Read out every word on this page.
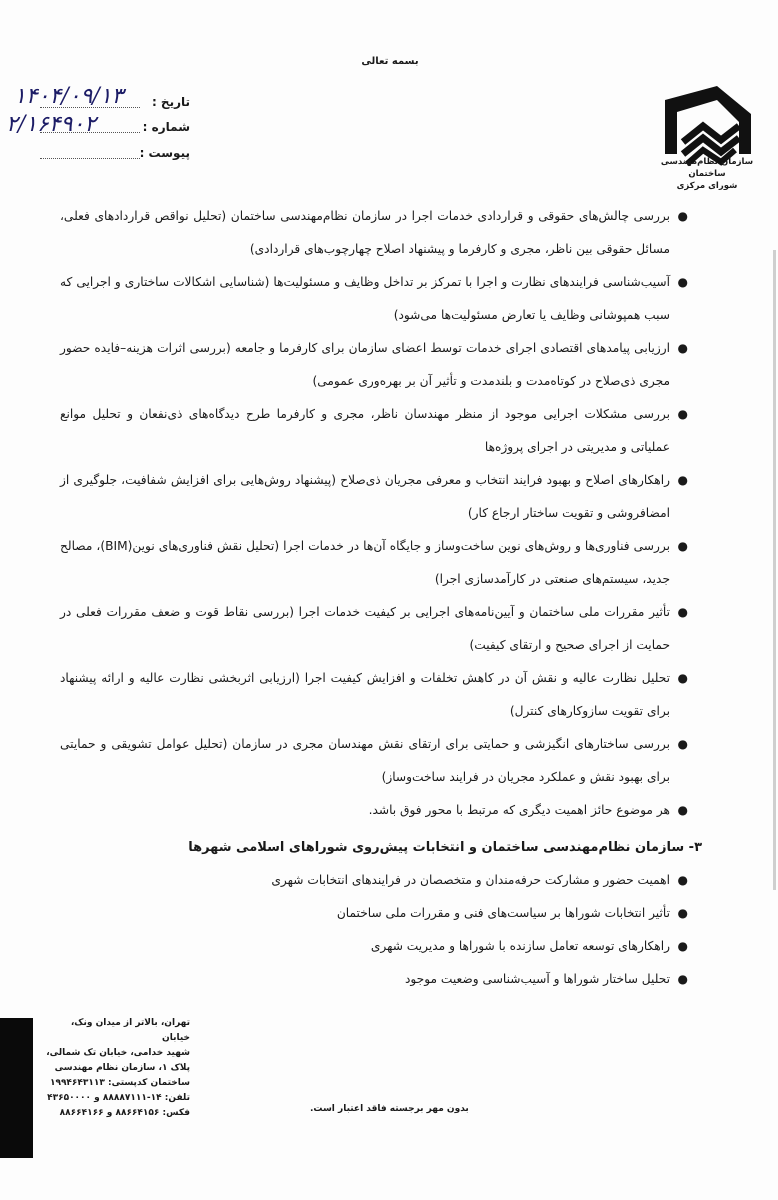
بسمه تعالی
سازمان نظام‌مهندسی ساختمان
شورای مرکزی
تاریخ :
شماره :
پیوست :
۱۴۰۴/۰۹/۱۳
۲/۱۶۴۹۰۲
●
بررسی چالش‌های حقوقی و قراردادی خدمات اجرا در سازمان نظام‌مهندسی ساختمان (تحلیل نواقص قراردادهای فعلی، مسائل حقوقی بین ناظر، مجری و کارفرما و پیشنهاد اصلاح چهارچوب‌های قراردادی)
●
آسیب‌شناسی فرایندهای نظارت و اجرا با تمرکز بر تداخل وظایف و مسئولیت‌ها (شناسایی اشکالات ساختاری و اجرایی که سبب همپوشانی وظایف یا تعارض مسئولیت‌ها می‌شود)
●
ارزیابی پیامدهای اقتصادی اجرای خدمات توسط اعضای سازمان برای کارفرما و جامعه (بررسی اثرات هزینه–فایده حضور مجری ذی‌صلاح در کوتاه‌مدت و بلندمدت و تأثیر آن بر بهره‌وری عمومی)
●
بررسی مشکلات اجرایی موجود از منظر مهندسان ناظر، مجری و کارفرما طرح دیدگاه‌های ذی‌نفعان و تحلیل موانع عملیاتی و مدیریتی در اجرای پروژه‌ها
●
راهکارهای اصلاح و بهبود فرایند انتخاب و معرفی مجریان ذی‌صلاح (پیشنهاد روش‌هایی برای افزایش شفافیت، جلوگیری از امضافروشی و تقویت ساختار ارجاع کار)
●
بررسی فناوری‌ها و روش‌های نوین ساخت‌وساز و جایگاه آن‌ها در خدمات اجرا (تحلیل نقش فناوری‌های نوین(BIM)، مصالح جدید، سیستم‌های صنعتی در کارآمدسازی اجرا)
●
تأثیر مقررات ملی ساختمان و آیین‌نامه‌های اجرایی بر کیفیت خدمات اجرا (بررسی نقاط قوت و ضعف مقررات فعلی در حمایت از اجرای صحیح و ارتقای کیفیت)
●
تحلیل نظارت عالیه و نقش آن در کاهش تخلفات و افزایش کیفیت اجرا (ارزیابی اثربخشی نظارت عالیه و ارائه پیشنهاد برای تقویت سازوکارهای کنترل)
●
بررسی ساختارهای انگیزشی و حمایتی برای ارتقای نقش مهندسان مجری در سازمان (تحلیل عوامل تشویقی و حمایتی برای بهبود نقش و عملکرد مجریان در فرایند ساخت‌وساز)
●
هر موضوع حائز اهمیت دیگری که مرتبط با محور فوق باشد.
۳- سازمان نظام‌مهندسی ساختمان و انتخابات پیش‌روی شوراهای اسلامی شهرها
●
اهمیت حضور و مشارکت حرفه‌مندان و متخصصان در فرایندهای انتخابات شهری
●
تأثیر انتخابات شوراها بر سیاست‌های فنی و مقررات ملی ساختمان
●
راهکارهای توسعه تعامل سازنده با شوراها و مدیریت شهری
●
تحلیل ساختار شوراها و آسیب‌شناسی وضعیت موجود
تهران، بالاتر از میدان ونک، خیابان
شهید خدامی، خیابان تک شمالی،
پلاک ۱، سازمان نظام مهندسی
ساختمان کدپستی: ۱۹۹۴۶۴۳۱۱۳
تلفن: ۱۴-۸۸۸۸۷۱۱۱ و ۴۳۶۵۰۰۰۰
فکس: ۸۸۶۶۴۱۵۶ و ۸۸۶۶۴۱۶۶	بدون مهر برجسته فاقد اعتبار است.
